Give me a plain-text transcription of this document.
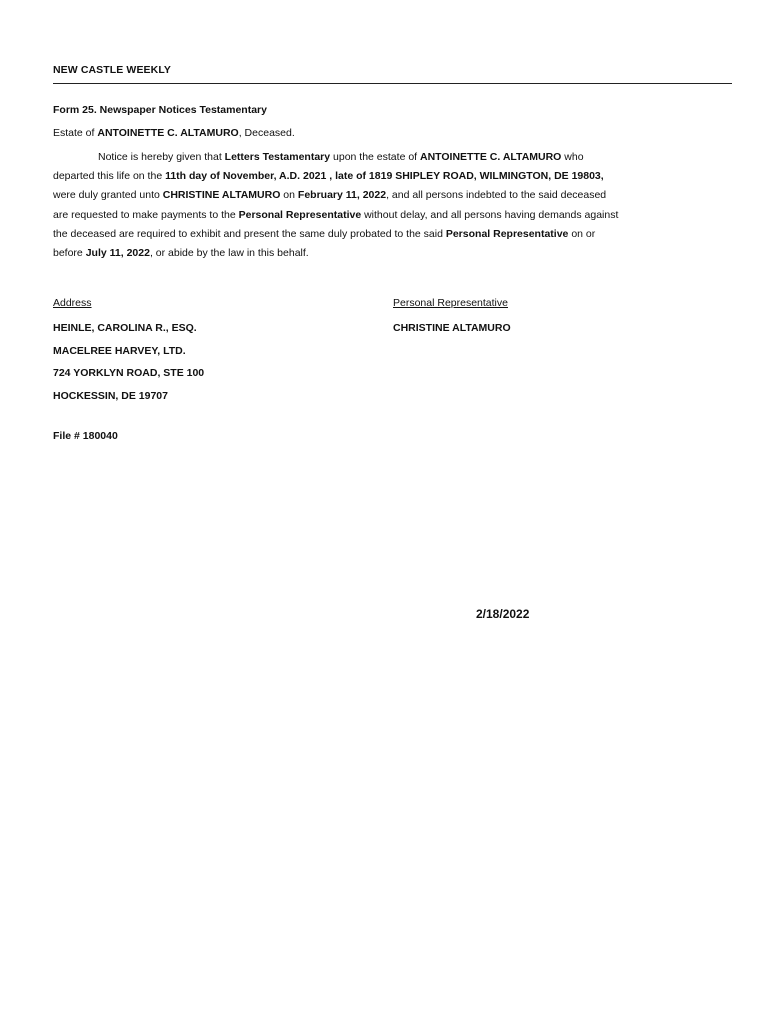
NEW CASTLE WEEKLY
Form 25. Newspaper Notices Testamentary
Estate of ANTOINETTE C. ALTAMURO, Deceased.
Notice is hereby given that Letters Testamentary upon the estate of ANTOINETTE C. ALTAMURO who departed this life on the 11th day of November, A.D. 2021 , late of 1819 SHIPLEY ROAD, WILMINGTON, DE 19803, were duly granted unto CHRISTINE ALTAMURO on February 11, 2022, and all persons indebted to the said deceased are requested to make payments to the Personal Representative without delay, and all persons having demands against the deceased are required to exhibit and present the same duly probated to the said Personal Representative on or before July 11, 2022, or abide by the law in this behalf.
Address	Personal Representative
HEINLE, CAROLINA R., ESQ.
MACELREE HARVEY, LTD.
724 YORKLYN ROAD, STE 100
HOCKESSIN, DE 19707
CHRISTINE ALTAMURO
File # 180040
2/18/2022
